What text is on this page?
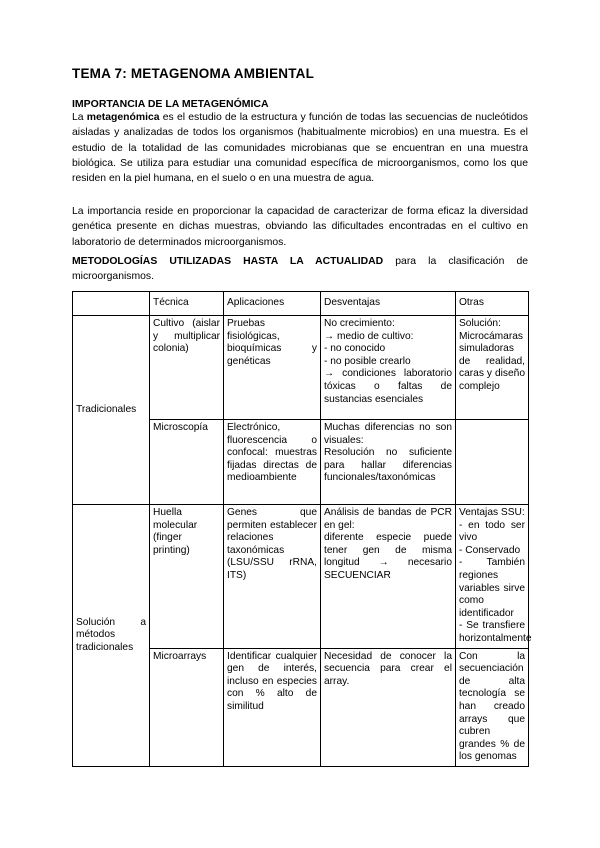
TEMA 7: METAGENOMA AMBIENTAL
IMPORTANCIA DE LA METAGENÓMICA
La metagenómica es el estudio de la estructura y función de todas las secuencias de nucleótidos aisladas y analizadas de todos los organismos (habitualmente microbios) en una muestra. Es el estudio de la totalidad de las comunidades microbianas que se encuentran en una muestra biológica. Se utiliza para estudiar una comunidad específica de microorganismos, como los que residen en la piel humana, en el suelo o en una muestra de agua.
La importancia reside en proporcionar la capacidad de caracterizar de forma eficaz la diversidad genética presente en dichas muestras, obviando las dificultades encontradas en el cultivo en laboratorio de determinados microorganismos.
METODOLOGÍAS UTILIZADAS HASTA LA ACTUALIDAD para la clasificación de microorganismos.
	Técnica	Aplicaciones	Desventajas	Otras
Tradicionales	Cultivo (aislar y multiplicar colonia)	Pruebas fisiológicas, bioquímicas y genéticas	No crecimiento:
→ medio de cultivo:
- no conocido
- no posible crearlo
→ condiciones laboratorio tóxicas o faltas de sustancias esenciales	Solución: Microcámaras simuladoras de realidad, caras y diseño complejo
	Microscopía	Electrónico, fluorescencia o confocal: muestras fijadas directas de medioambiente	Muchas diferencias no son visuales:
Resolución no suficiente para hallar diferencias funcionales/taxonómicas	

Solución a métodos tradicionales	Huella molecular (finger printing)	Genes que permiten establecer relaciones taxonómicas (LSU/SSU rRNA, ITS)	Análisis de bandas de PCR en gel:
diferente especie puede tener gen de misma longitud → necesario SECUENCIAR	Ventajas SSU:
- en todo ser vivo
- Conservado
- También regiones variables sirve como identificador
- Se transfiere horizontalmente

	Microarrays	Identificar cualquier gen de interés, incluso en especies con % alto de similitud	Necesidad de conocer la secuencia para crear el array.	Con la secuenciación de alta tecnología se han creado arrays que cubren grandes % de los genomas
